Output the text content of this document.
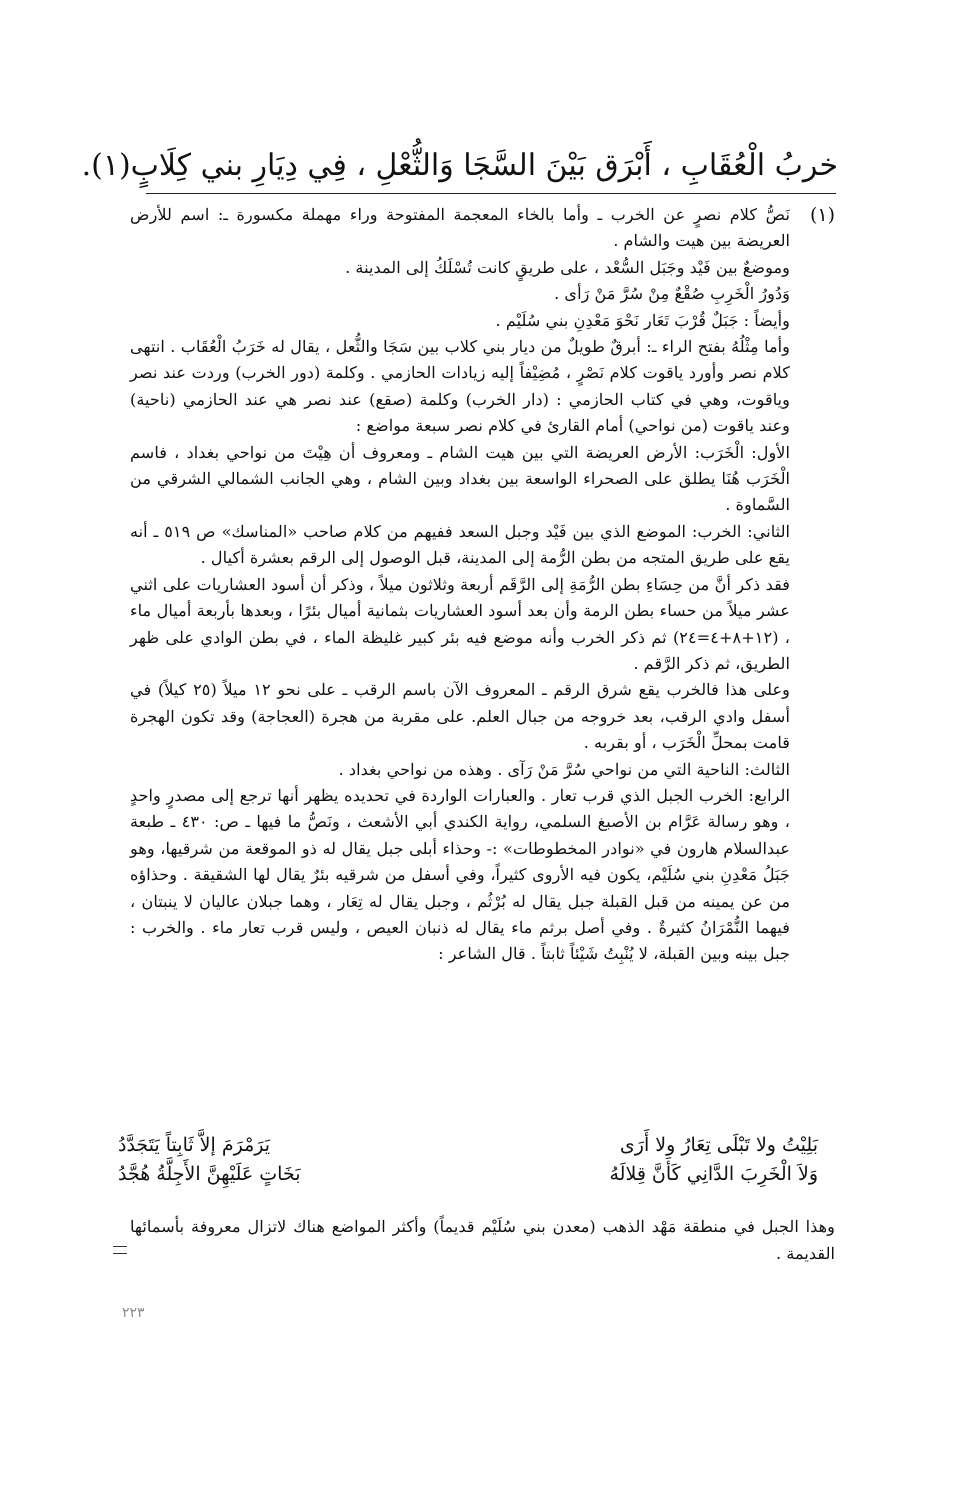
خربُ الْعُقَابِ ، أَبْرَق بَيْنَ السَّجَا وَالثُّعْلِ ، فِي دِيَارِ بني كِلَابٍ(١).
(١)

نَصُّ كلام نصرٍ عن الخرب ـ وأما بالخاء المعجمة المفتوحة وراء مهملة مكسورة ـ: اسم للأرض العريضة بين هيت والشام .

وموضعٌ بين فَيْد وجَبَل السُّعْد ، على طريقٍ كانت تُسْلَكُ إلى المدينة .

وَدُورُ الْخَرِبِ صُقْعٌ مِنْ سُرَّ مَنْ رَأى .

وأيضاً : جَبَلٌ قُرْبَ تَعَار نَحْوَ مَعْدِنِ بني سُلَيْم .

وأما مِثْلُهُ بفتح الراء ـ: أبرقٌ طويلٌ من ديار بني كلاب بين سَجَا والثُّعل ، يقال له خَرَبُ الْعُقَاب . انتهى كلام نصر وأورد ياقوت كلام نَصْرٍ ، مُضِيْفاً إليه زيادات الحازمي . وكلمة (دور الخرب) وردت عند نصر وياقوت، وهي في كتاب الحازمي : (دار الخرب) وكلمة (صقع) عند نصر هي عند الحازمي (ناحية) وعند ياقوت (من نواحي) أمام القارئ في كلام نصر سبعة مواضع :

الأول: الْخَرَب: الأرض العريضة التي بين هيت الشام ـ ومعروف أن هِيْتَ من نواحي بغداد ، فاسم الْخَرَب هُنَا يطلق على الصحراء الواسعة بين بغداد وبين الشام ، وهي الجانب الشمالي الشرقي من السَّماوة .

الثاني: الخرب: الموضع الذي بين فَيْد وجبل السعد ففيهم من كلام صاحب «المناسك» ص ٥١٩ ـ أنه يقع على طريق المتجه من بطن الرُّمة إلى المدينة، قبل الوصول إلى الرقم بعشرة أكيال .

فقد ذكر أنَّ من حِسَاءِ بطن الرُّمَةِ إلى الرَّقَم أربعة وثلاثون ميلاً ، وذكر أن أسود العشاريات على اثني عشر ميلاً من حساء بطن الرمة وأن بعد أسود العشاريات بثمانية أميال بئرًا ، وبعدها بأربعة أميال ماء ، (١٢+٨+٤=٢٤) ثم ذكر الخرب وأنه موضع فيه بئر كبير غليظة الماء ، في بطن الوادي على ظهر الطريق، ثم ذكر الرَّقم .

وعلى هذا فالخرب يقع شرق الرقم ـ المعروف الآن باسم الرقب ـ على نحو ١٢ ميلاً (٢٥ كيلاً) في أسفل وادي الرقب، بعد خروجه من جبال العلم. على مقربة من هجرة (العجاجة) وقد تكون الهجرة قامت بمحلِّ الْخَرَب ، أو بقربه .

الثالث: الناحية التي من نواحي سُرَّ مَنْ رَآى . وهذه من نواحي بغداد .

الرابع: الخرب الجبل الذي قرب تعار . والعبارات الواردة في تحديده يظهر أنها ترجع إلى مصدرٍ واحدٍ ، وهو رسالة عَرَّام بن الأصبغ السلمي، رواية الكندي أبي الأشعث ، ونَصُّ ما فيها ـ ص: ٤٣٠ ـ طبعة عبدالسلام هارون في «نوادر المخطوطات» :- وحذاء أبلى جبل يقال له ذو الموقعة من شرقيها، وهو جَبَلُ مَعْدِنِ بني سُلَيْم، يكون فيه الأروى كثيراً، وفي أسفل من شرقيه بئرٌ يقال لها الشقيقة . وحذاؤه من عن يمينه من قبل القبلة جبل يقال له بُرْثُم ، وجبل يقال له تِعَار ، وهما جبلان عاليان لا ينبتان ، فيهما النُّمْرَانُ كثيرةٌ . وفي أصل برثم ماء يقال له ذنبان العيص ، وليس قرب تعار ماء . والخرب : جبل بينه وبين القبلة، لا يُنْبِتُ شَيْئاً ثابتاً . قال الشاعر :

بَلِيْتُ ولا تَبْلَى تِعَارُ ولا أَرَى
يَرَمْرَمَ إلاَّ ثَابِتاً يَتَجَدَّدُ
وَلاَ الْخَرِبَ الدَّانِي كَأَنَّ قِلالَهُ
بَخَاتٍ عَلَيْهِنَّ الأَجِلَّةُ هُجَّدُ

وهذا الجبل في منطقة مَهْد الذهب (معدن بني سُلَيْم قديماً) وأكثر المواضع هناك لاتزال معروفة بأسمائها القديمة .

٢٢٣
